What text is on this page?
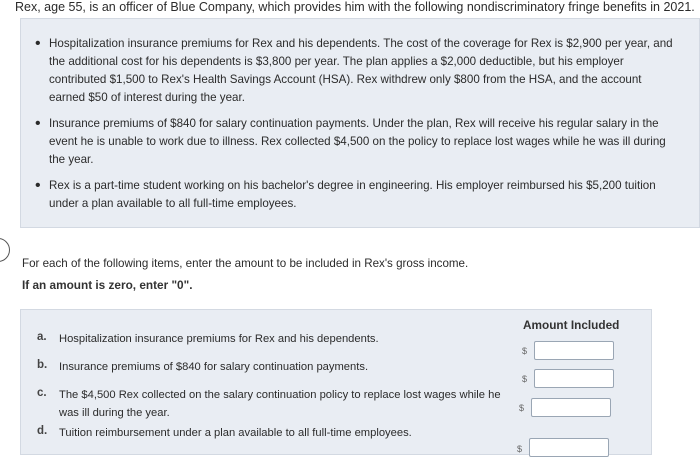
Rex, age 55, is an officer of Blue Company, which provides him with the following nondiscriminatory fringe benefits in 2021.
• Hospitalization insurance premiums for Rex and his dependents. The cost of the coverage for Rex is $2,900 per year, and the additional cost for his dependents is $3,800 per year. The plan applies a $2,000 deductible, but his employer contributed $1,500 to Rex's Health Savings Account (HSA). Rex withdrew only $800 from the HSA, and the account earned $50 of interest during the year.
• Insurance premiums of $840 for salary continuation payments. Under the plan, Rex will receive his regular salary in the event he is unable to work due to illness. Rex collected $4,500 on the policy to replace lost wages while he was ill during the year.
• Rex is a part-time student working on his bachelor's degree in engineering. His employer reimbursed his $5,200 tuition under a plan available to all full-time employees.
For each of the following items, enter the amount to be included in Rex's gross income.
If an amount is zero, enter "0".
Amount Included
a. Hospitalization insurance premiums for Rex and his dependents.
$
b. Insurance premiums of $840 for salary continuation payments.
$
c. The $4,500 Rex collected on the salary continuation policy to replace lost wages while he was ill during the year.	$
d. Tuition reimbursement under a plan available to all full-time employees.
$
